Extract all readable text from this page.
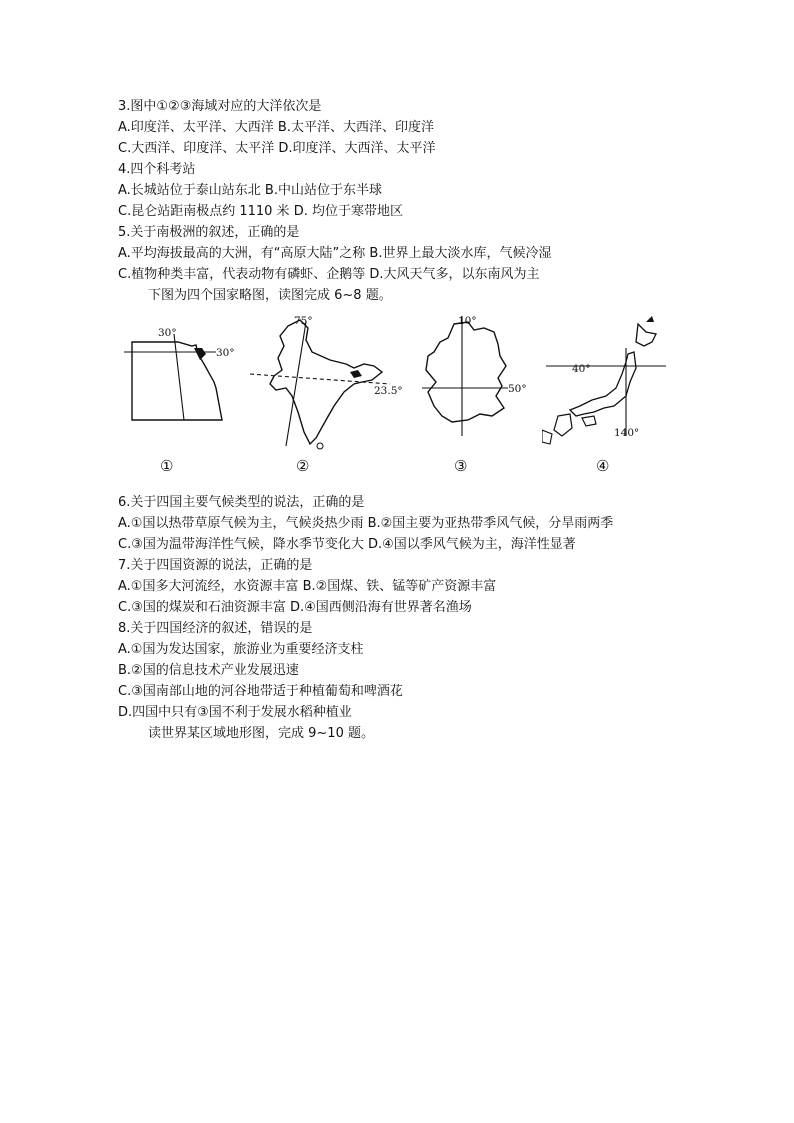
3.图中①②③海域对应的大洋依次是
A.印度洋、太平洋、大西洋 B.太平洋、大西洋、印度洋
C.大西洋、印度洋、太平洋 D.印度洋、大西洋、太平洋
4.四个科考站
A.长城站位于泰山站东北 B.中山站位于东半球
C.昆仑站距南极点约 1110 米 D. 均位于寒带地区
5.关于南极洲的叙述，正确的是
A.平均海拔最高的大洲，有“高原大陆”之称 B.世界上最大淡水库，气候冷湿
C.植物种类丰富，代表动物有磷虾、企鹅等 D.大风天气多，以东南风为主
下图为四个国家略图，读图完成 6~8 题。
30°
30°
75°
23.5°
10°
50°
40°
140°
①	②	③	④
6.关于四国主要气候类型的说法，正确的是
A.①国以热带草原气候为主，气候炎热少雨 B.②国主要为亚热带季风气候，分旱雨两季
C.③国为温带海洋性气候，降水季节变化大 D.④国以季风气候为主，海洋性显著
7.关于四国资源的说法，正确的是
A.①国多大河流经，水资源丰富 B.②国煤、铁、锰等矿产资源丰富
C.③国的煤炭和石油资源丰富 D.④国西侧沿海有世界著名渔场
8.关于四国经济的叙述，错误的是
A.①国为发达国家，旅游业为重要经济支柱
B.②国的信息技术产业发展迅速
C.③国南部山地的河谷地带适于种植葡萄和啤酒花
D.四国中只有③国不利于发展水稻种植业
读世界某区域地形图，完成 9~10 题。
